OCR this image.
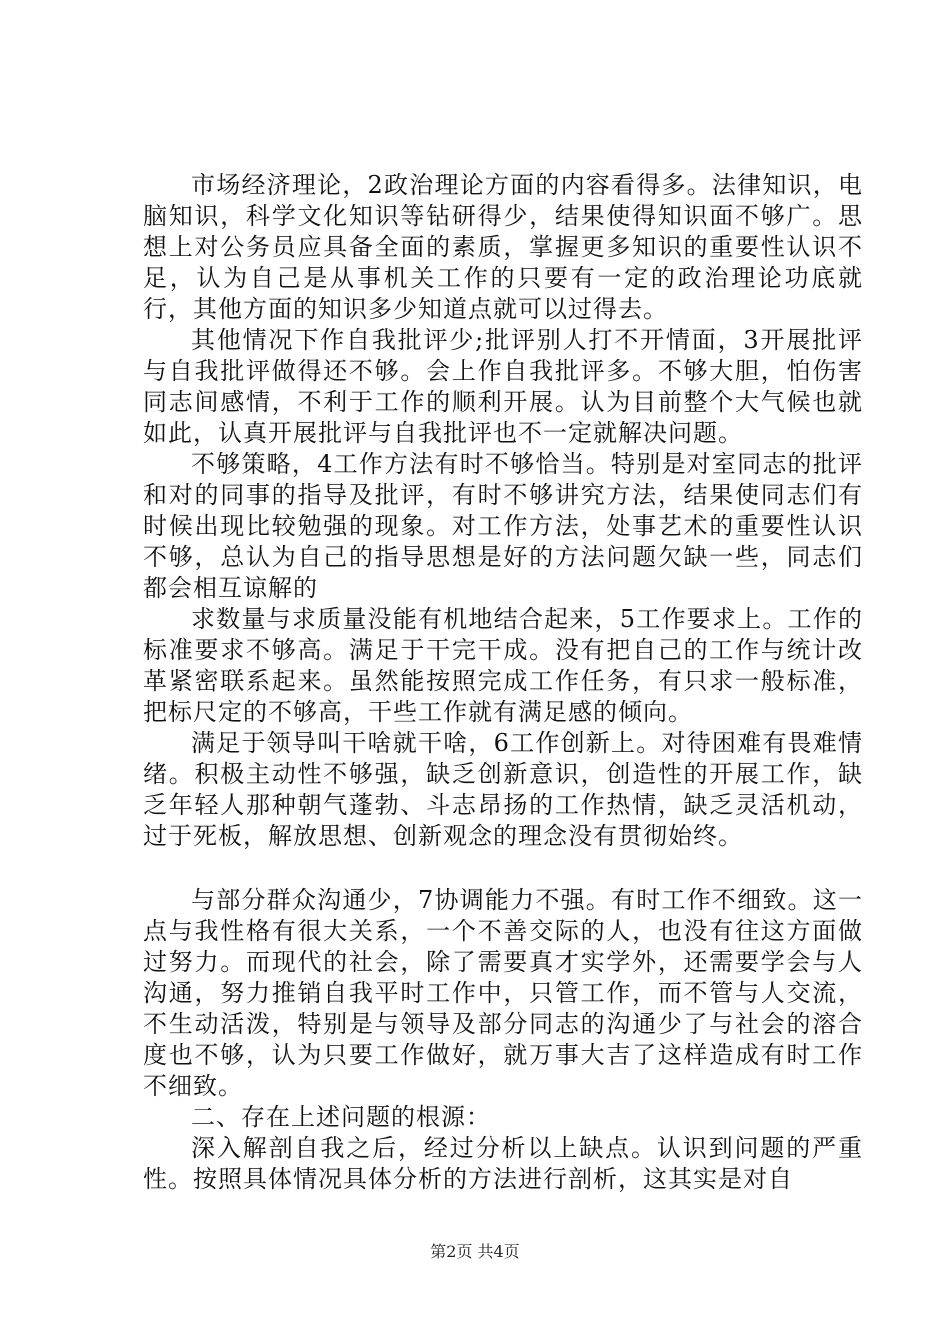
市场经济理论，2政治理论方面的内容看得多。法律知识，电脑知识，科学文化知识等钻研得少，结果使得知识面不够广。思想上对公务员应具备全面的素质，掌握更多知识的重要性认识不足，认为自己是从事机关工作的只要有一定的政治理论功底就行，其他方面的知识多少知道点就可以过得去。

其他情况下作自我批评少;批评别人打不开情面，3开展批评与自我批评做得还不够。会上作自我批评多。不够大胆，怕伤害同志间感情，不利于工作的顺利开展。认为目前整个大气候也就如此，认真开展批评与自我批评也不一定就解决问题。

不够策略，4工作方法有时不够恰当。特别是对室同志的批评和对的同事的指导及批评，有时不够讲究方法，结果使同志们有时候出现比较勉强的现象。对工作方法，处事艺术的重要性认识不够，总认为自己的指导思想是好的方法问题欠缺一些，同志们都会相互谅解的

求数量与求质量没能有机地结合起来，5工作要求上。工作的标准要求不够高。满足于干完干成。没有把自己的工作与统计改革紧密联系起来。虽然能按照完成工作任务，有只求一般标准，把标尺定的不够高，干些工作就有满足感的倾向。

满足于领导叫干啥就干啥，6工作创新上。对待困难有畏难情绪。积极主动性不够强，缺乏创新意识，创造性的开展工作，缺乏年轻人那种朝气蓬勃、斗志昂扬的工作热情，缺乏灵活机动，过于死板，解放思想、创新观念的理念没有贯彻始终。

与部分群众沟通少，7协调能力不强。有时工作不细致。这一点与我性格有很大关系，一个不善交际的人，也没有往这方面做过努力。而现代的社会，除了需要真才实学外，还需要学会与人沟通，努力推销自我平时工作中，只管工作，而不管与人交流，不生动活泼，特别是与领导及部分同志的沟通少了与社会的溶合度也不够，认为只要工作做好，就万事大吉了这样造成有时工作不细致。

二、存在上述问题的根源：

深入解剖自我之后，经过分析以上缺点。认识到问题的严重性。按照具体情况具体分析的方法进行剖析，这其实是对自

第2页 共4页
